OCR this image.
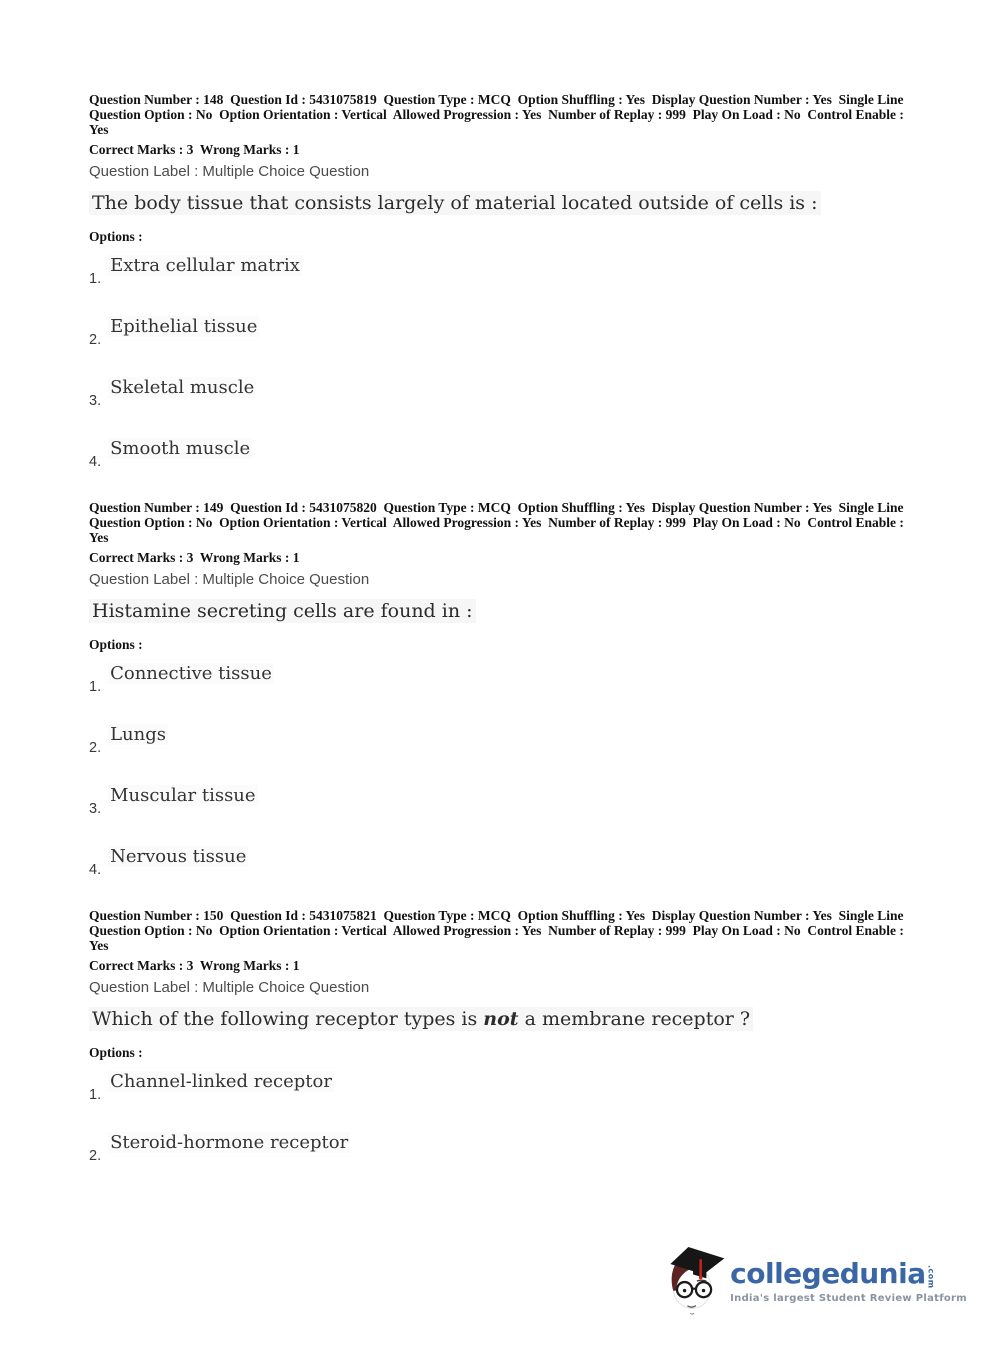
Question Number : 148  Question Id : 5431075819  Question Type : MCQ  Option Shuffling : Yes  Display Question Number : Yes  Single Line Question Option : No  Option Orientation : Vertical  Allowed Progression : Yes  Number of Replay : 999  Play On Load : No  Control Enable : Yes

Correct Marks : 3  Wrong Marks : 1

Question Label : Multiple Choice Question

The body tissue that consists largely of material located outside of cells is :

Options :

1.
Extra cellular matrix
2.
Epithelial tissue
3.
Skeletal muscle
4.
Smooth muscle

Question Number : 149  Question Id : 5431075820  Question Type : MCQ  Option Shuffling : Yes  Display Question Number : Yes  Single Line Question Option : No  Option Orientation : Vertical  Allowed Progression : Yes  Number of Replay : 999  Play On Load : No  Control Enable : Yes

Correct Marks : 3  Wrong Marks : 1

Question Label : Multiple Choice Question

Histamine secreting cells are found in :

Options :

1.
Connective tissue
2.
Lungs
3.
Muscular tissue
4.
Nervous tissue

Question Number : 150  Question Id : 5431075821  Question Type : MCQ  Option Shuffling : Yes  Display Question Number : Yes  Single Line Question Option : No  Option Orientation : Vertical  Allowed Progression : Yes  Number of Replay : 999  Play On Load : No  Control Enable : Yes

Correct Marks : 3  Wrong Marks : 1

Question Label : Multiple Choice Question

Which of the following receptor types is not a membrane receptor ?

Options :

1.
Channel-linked receptor
2.
Steroid-hormone receptor
collegedunia .com
India's largest Student Review Platform
